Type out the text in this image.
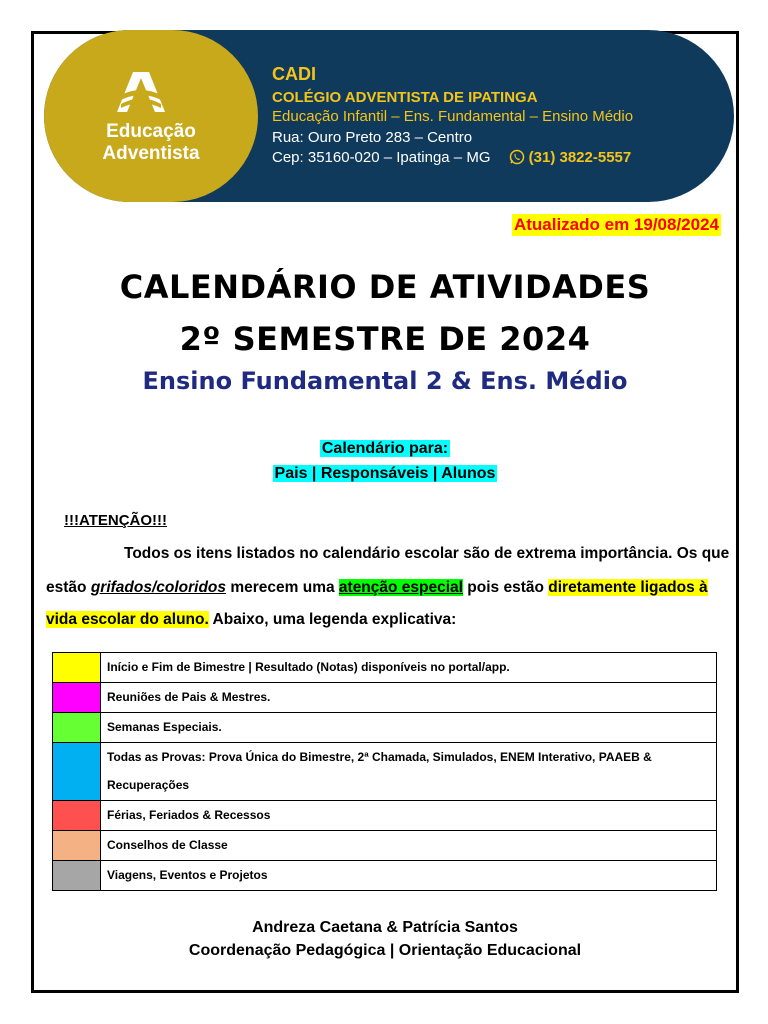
Educação
Adventista
CADI
COLÉGIO ADVENTISTA DE IPATINGA
Educação Infantil – Ens. Fundamental – Ensino Médio
Rua: Ouro Preto 283 – Centro
Cep: 35160-020 – Ipatinga – MG	(31) 3822-5557
Atualizado em 19/08/2024
CALENDÁRIO DE ATIVIDADES
2º SEMESTRE DE 2024
Ensino Fundamental 2 & Ens. Médio
Calendário para:
Pais | Responsáveis | Alunos
!!!ATENÇÃO!!!
Todos os itens listados no calendário escolar são de extrema importância. Os que
estão grifados/coloridos merecem uma atenção especial pois estão diretamente ligados à
vida escolar do aluno. Abaixo, uma legenda explicativa:

	Início e Fim de Bimestre | Resultado (Notas) disponíveis no portal/app.

	Reuniões de Pais & Mestres.

	Semanas Especiais.

	Todas as Provas: Prova Única do Bimestre, 2ª Chamada, Simulados, ENEM Interativo, PAAEB & Recuperações

	Férias, Feriados & Recessos

	Conselhos de Classe

	Viagens, Eventos e Projetos
Andreza Caetana & Patrícia Santos
Coordenação Pedagógica | Orientação Educacional
